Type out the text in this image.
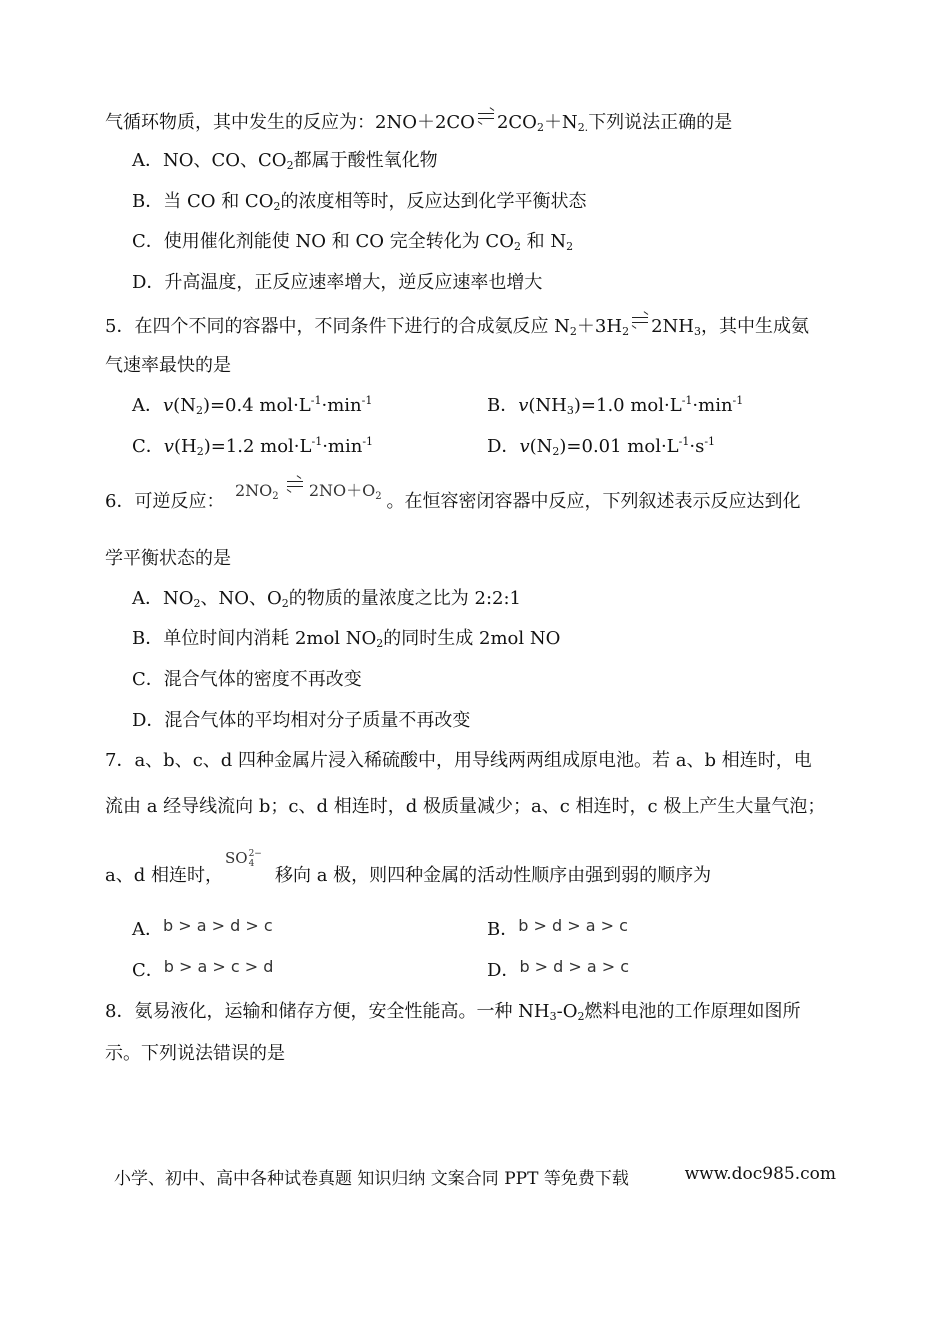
气循环物质，其中发生的反应为：2NO＋2CO $2CO_2+N_{2.}$下列说法正确的是
A．NO、CO、$CO_2$都属于酸性氧化物
B．当 CO 和 $CO_2$的浓度相等时，反应达到化学平衡状态
C．使用催化剂能使 NO 和 CO 完全转化为 $CO_2$ 和 $N_2$
D．升高温度，正反应速率增大，逆反应速率也增大
5．在四个不同的容器中，不同条件下进行的合成氨反应 $N_2+3H_2$ $2NH_3$，其中生成氨
气速率最快的是
A．$v(N_2)=0.4$ $mol\cdot L^{-1}\cdot\min^{-1}$	B．$v(NH_3)=1.0$ $mol\cdot L^{-1}\cdot\min^{-1}$
C．$v(H_2)=1.2$ $mol\cdot L^{-1}\cdot\min^{-1}$	D．$v(N_2)=0.01$ $mol\cdot L^{-1}\cdot s^{-1}$
$2NO_2$ $2NO+O_2$
6．可逆反应：	。在恒容密闭容器中反应，下列叙述表示反应达到化
学平衡状态的是
A．$NO_2$、NO、$O_2$的物质的量浓度之比为 2:2:1
B．单位时间内消耗 2mol $NO_2$的同时生成 2mol NO
C．混合气体的密度不再改变
D．混合气体的平均相对分子质量不再改变
7．a、b、c、d 四种金属片浸入稀硫酸中，用导线两两组成原电池。若 a、b 相连时，电
流由 a 经导线流向 b；c、d 相连时，d 极质量减少；a、c 相连时，c 极上产生大量气泡；
SO2−
4
a、d 相连时，	移向 a 极，则四种金属的活动性顺序由强到弱的顺序为
A．b > a > d > c	B．b > d > a > c
C．b > a > c > d	D．b > d > a > c
8．氨易液化，运输和储存方便，安全性能高。一种 $NH_3-O_2$燃料电池的工作原理如图所
示。下列说法错误的是
小学、初中、高中各种试卷真题 知识归纳 文案合同 PPT 等免费下载	www.doc985.com
